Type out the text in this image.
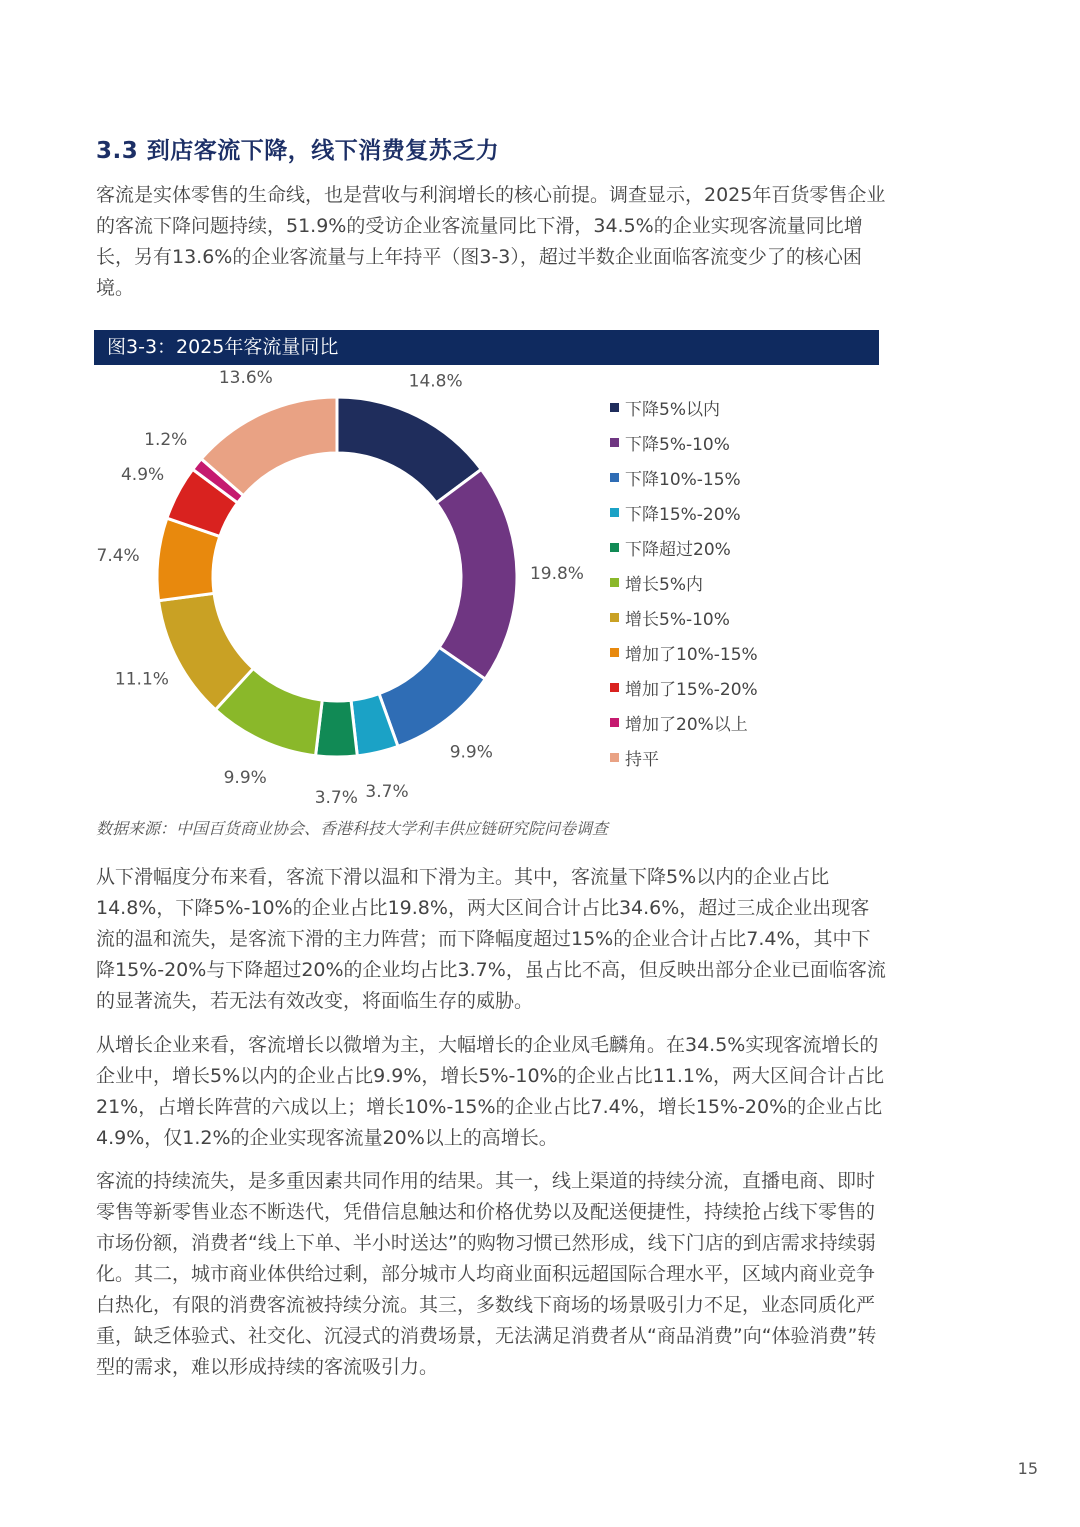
3.3 到店客流下降，线下消费复苏乏力

客流是实体零售的生命线，也是营收与利润增长的核心前提。调查显示，2025年百货零售企业的客流下降问题持续，51.9%的受访企业客流量同比下滑，34.5%的企业实现客流量同比增长，另有13.6%的企业客流量与上年持平（图3-3），超过半数企业面临客流变少了的核心困境。

图3-3：2025年客流量同比
14.8%
19.8%
9.9%
3.7%
3.7%
9.9%
11.1%
7.4%
4.9%
1.2%
13.6%
下降5%以内
下降5%-10%
下降10%-15%
下降15%-20%
下降超过20%
增长5%内
增长5%-10%
增加了10%-15%
增加了15%-20%
增加了20%以上
持平

数据来源：中国百货商业协会、香港科技大学利丰供应链研究院问卷调查

从下滑幅度分布来看，客流下滑以温和下滑为主。其中，客流量下降5%以内的企业占比14.8%，下降5%-10%的企业占比19.8%，两大区间合计占比34.6%，超过三成企业出现客流的温和流失，是客流下滑的主力阵营；而下降幅度超过15%的企业合计占比7.4%，其中下降15%-20%与下降超过20%的企业均占比3.7%，虽占比不高，但反映出部分企业已面临客流的显著流失，若无法有效改变，将面临生存的威胁。

从增长企业来看，客流增长以微增为主，大幅增长的企业凤毛麟角。在34.5%实现客流增长的企业中，增长5%以内的企业占比9.9%，增长5%-10%的企业占比11.1%，两大区间合计占比21%，占增长阵营的六成以上；增长10%-15%的企业占比7.4%，增长15%-20%的企业占比4.9%，仅1.2%的企业实现客流量20%以上的高增长。

客流的持续流失，是多重因素共同作用的结果。其一，线上渠道的持续分流，直播电商、即时零售等新零售业态不断迭代，凭借信息触达和价格优势以及配送便捷性，持续抢占线下零售的市场份额，消费者“线上下单、半小时送达”的购物习惯已然形成，线下门店的到店需求持续弱化。其二，城市商业体供给过剩，部分城市人均商业面积远超国际合理水平，区域内商业竞争白热化，有限的消费客流被持续分流。其三，多数线下商场的场景吸引力不足，业态同质化严重，缺乏体验式、社交化、沉浸式的消费场景，无法满足消费者从“商品消费”向“体验消费”转型的需求，难以形成持续的客流吸引力。

15
